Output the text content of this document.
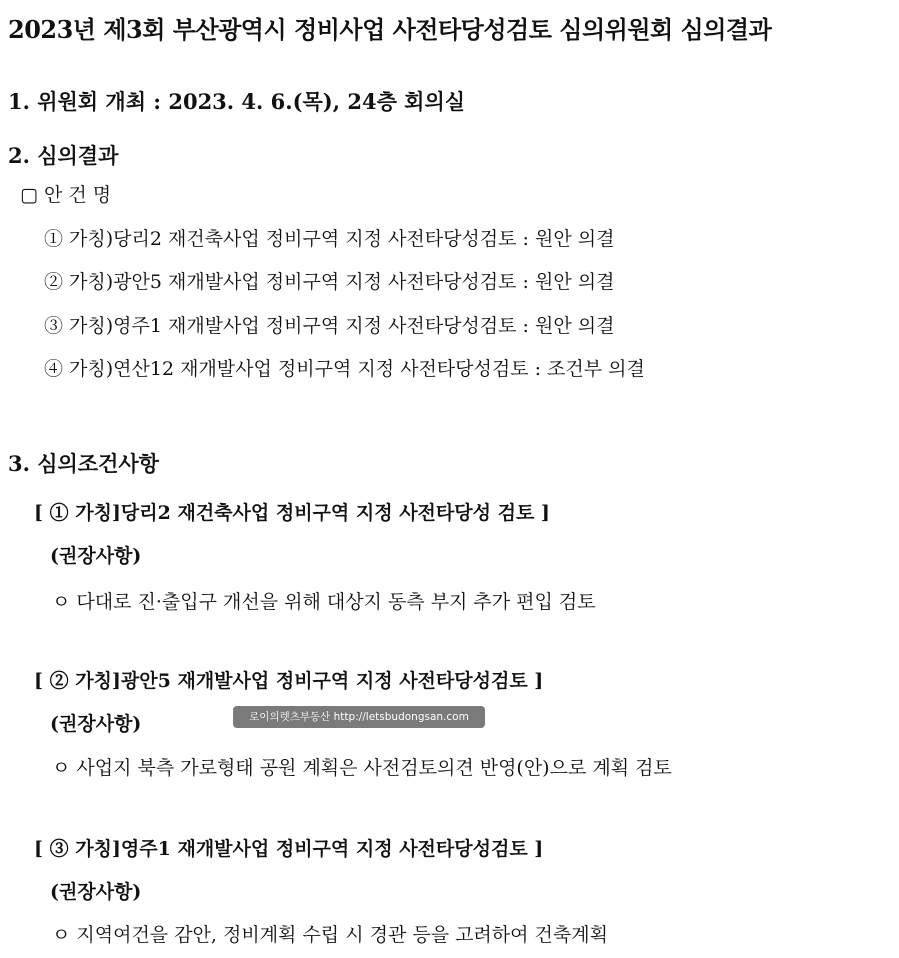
2023년 제3회 부산광역시 정비사업 사전타당성검토 심의위원회 심의결과
1. 위원회 개최 : 2023. 4. 6.(목), 24층 회의실
2. 심의결과
▢ 안 건 명
① 가칭)당리2 재건축사업 정비구역 지정 사전타당성검토 : 원안 의결
② 가칭)광안5 재개발사업 정비구역 지정 사전타당성검토 : 원안 의결
③ 가칭)영주1 재개발사업 정비구역 지정 사전타당성검토 : 원안 의결
④ 가칭)연산12 재개발사업 정비구역 지정 사전타당성검토 : 조건부 의결
3. 심의조건사항
[ ① 가칭]당리2 재건축사업 정비구역 지정 사전타당성 검토 ]
(권장사항)
ㅇ 다대로 진·출입구 개선을 위해 대상지 동측 부지 추가 편입 검토
[ ② 가칭]광안5 재개발사업 정비구역 지정 사전타당성검토 ]
(권장사항)	로이의렛츠부동산 http://letsbudongsan.com
ㅇ 사업지 북측 가로형태 공원 계획은 사전검토의견 반영(안)으로 계획 검토
[ ③ 가칭]영주1 재개발사업 정비구역 지정 사전타당성검토 ]
(권장사항)
ㅇ 지역여건을 감안, 정비계획 수립 시 경관 등을 고려하여 건축계획
